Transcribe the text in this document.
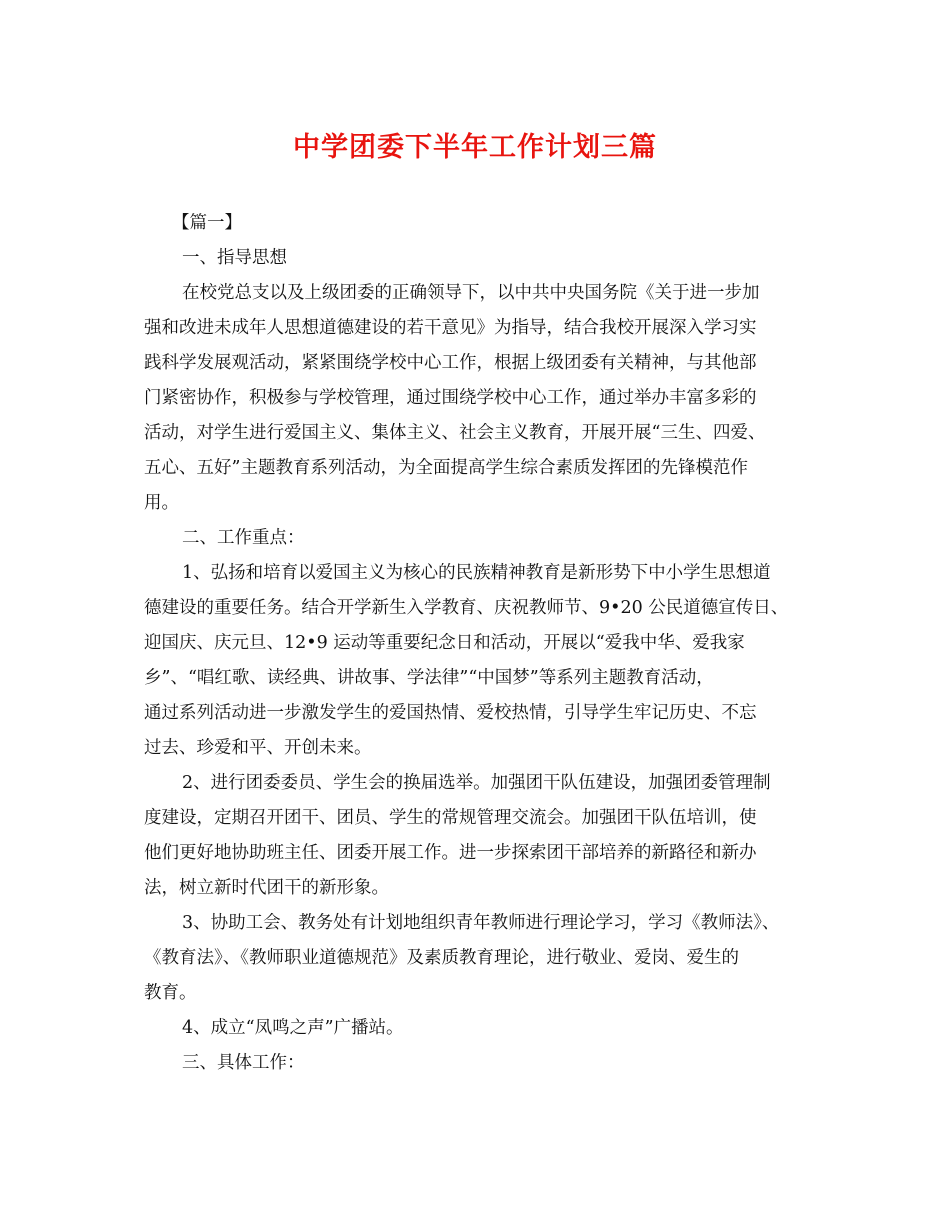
中学团委下半年工作计划三篇

【篇一】

一、指导思想

在校党总支以及上级团委的正确领导下，以中共中央国务院《关于进一步加

强和改进未成年人思想道德建设的若干意见》为指导，结合我校开展深入学习实

践科学发展观活动，紧紧围绕学校中心工作，根据上级团委有关精神，与其他部

门紧密协作，积极参与学校管理，通过围绕学校中心工作，通过举办丰富多彩的

活动，对学生进行爱国主义、集体主义、社会主义教育，开展开展“三生、四爱、

五心、五好”主题教育系列活动，为全面提高学生综合素质发挥团的先锋模范作

用。

二、工作重点：

1、弘扬和培育以爱国主义为核心的民族精神教育是新形势下中小学生思想道

德建设的重要任务。结合开学新生入学教育、庆祝教师节、9•20 公民道德宣传日、

迎国庆、庆元旦、12•9 运动等重要纪念日和活动，开展以“爱我中华、爱我家

乡”、“唱红歌、读经典、讲故事、学法律”“中国梦”等系列主题教育活动，

通过系列活动进一步激发学生的爱国热情、爱校热情，引导学生牢记历史、不忘

过去、珍爱和平、开创未来。

2、进行团委委员、学生会的换届选举。加强团干队伍建设，加强团委管理制

度建设，定期召开团干、团员、学生的常规管理交流会。加强团干队伍培训，使

他们更好地协助班主任、团委开展工作。进一步探索团干部培养的新路径和新办

法，树立新时代团干的新形象。

3、协助工会、教务处有计划地组织青年教师进行理论学习，学习《教师法》、

《教育法》、《教师职业道德规范》及素质教育理论，进行敬业、爱岗、爱生的

教育。

4、成立“凤鸣之声”广播站。

三、具体工作：
